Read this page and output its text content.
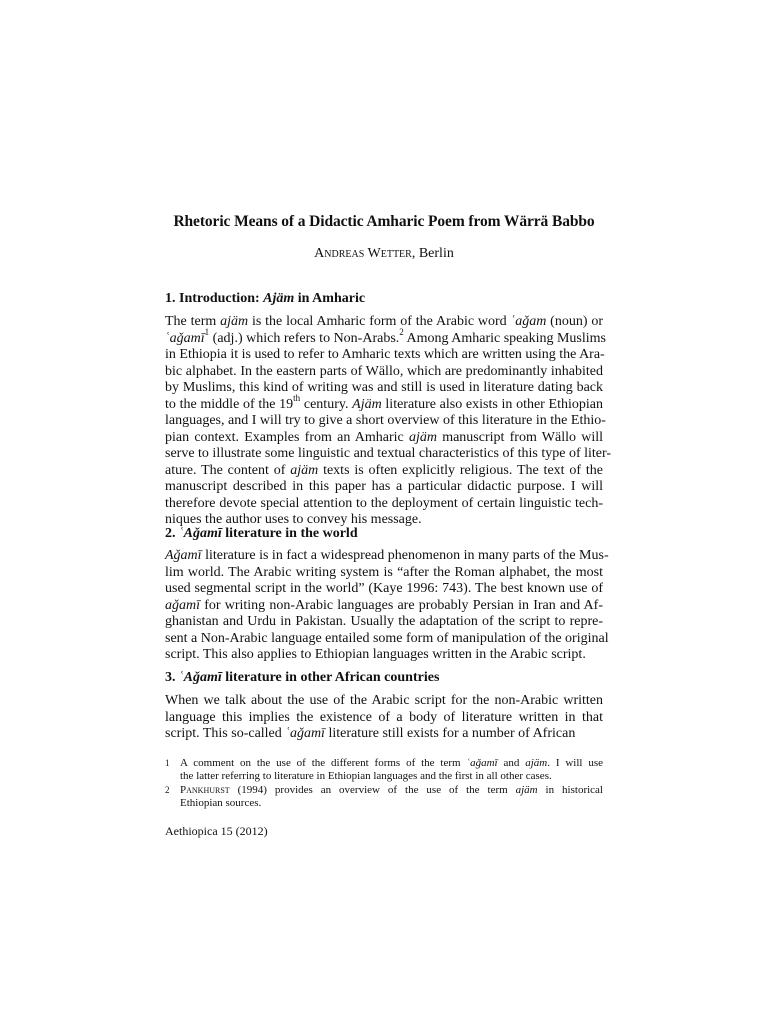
Rhetoric Means of a Didactic Amharic Poem from Wärrä Babbo
Andreas Wetter, Berlin
1. Introduction: Ajäm in Amharic
The term ajäm is the local Amharic form of the Arabic word ʿaǧam (noun) or
ʿaǧamī$^1$ (adj.) which refers to Non-Arabs.$^2$ Among Amharic speaking Muslims
in Ethiopia it is used to refer to Amharic texts which are written using the Ara-
bic alphabet. In the eastern parts of Wällo, which are predominantly inhabited
by Muslims, this kind of writing was and still is used in literature dating back
to the middle of the 19th century. Ajäm literature also exists in other Ethiopian
languages, and I will try to give a short overview of this literature in the Ethio-
pian context. Examples from an Amharic ajäm manuscript from Wällo will
serve to illustrate some linguistic and textual characteristics of this type of liter-
ature. The content of ajäm texts is often explicitly religious. The text of the
manuscript described in this paper has a particular didactic purpose. I will
therefore devote special attention to the deployment of certain linguistic tech-
niques the author uses to convey his message.
2. ʿAǧamī literature in the world
Aǧamī literature is in fact a widespread phenomenon in many parts of the Mus-
lim world. The Arabic writing system is “after the Roman alphabet, the most
used segmental script in the world” (Kaye 1996: 743). The best known use of
aǧamī for writing non-Arabic languages are probably Persian in Iran and Af-
ghanistan and Urdu in Pakistan. Usually the adaptation of the script to repre-
sent a Non-Arabic language entailed some form of manipulation of the original
script. This also applies to Ethiopian languages written in the Arabic script.
3. ʿAǧamī literature in other African countries
When we talk about the use of the Arabic script for the non-Arabic written
language this implies the existence of a body of literature written in that
script. This so-called ʿaǧamī literature still exists for a number of African
1 A comment on the use of the different forms of the term ʿaǧamī and ajäm. I will use
the latter referring to literature in Ethiopian languages and the first in all other cases.
2 Pankhurst (1994) provides an overview of the use of the term ajäm in historical
Ethiopian sources.
Aethiopica 15 (2012)
